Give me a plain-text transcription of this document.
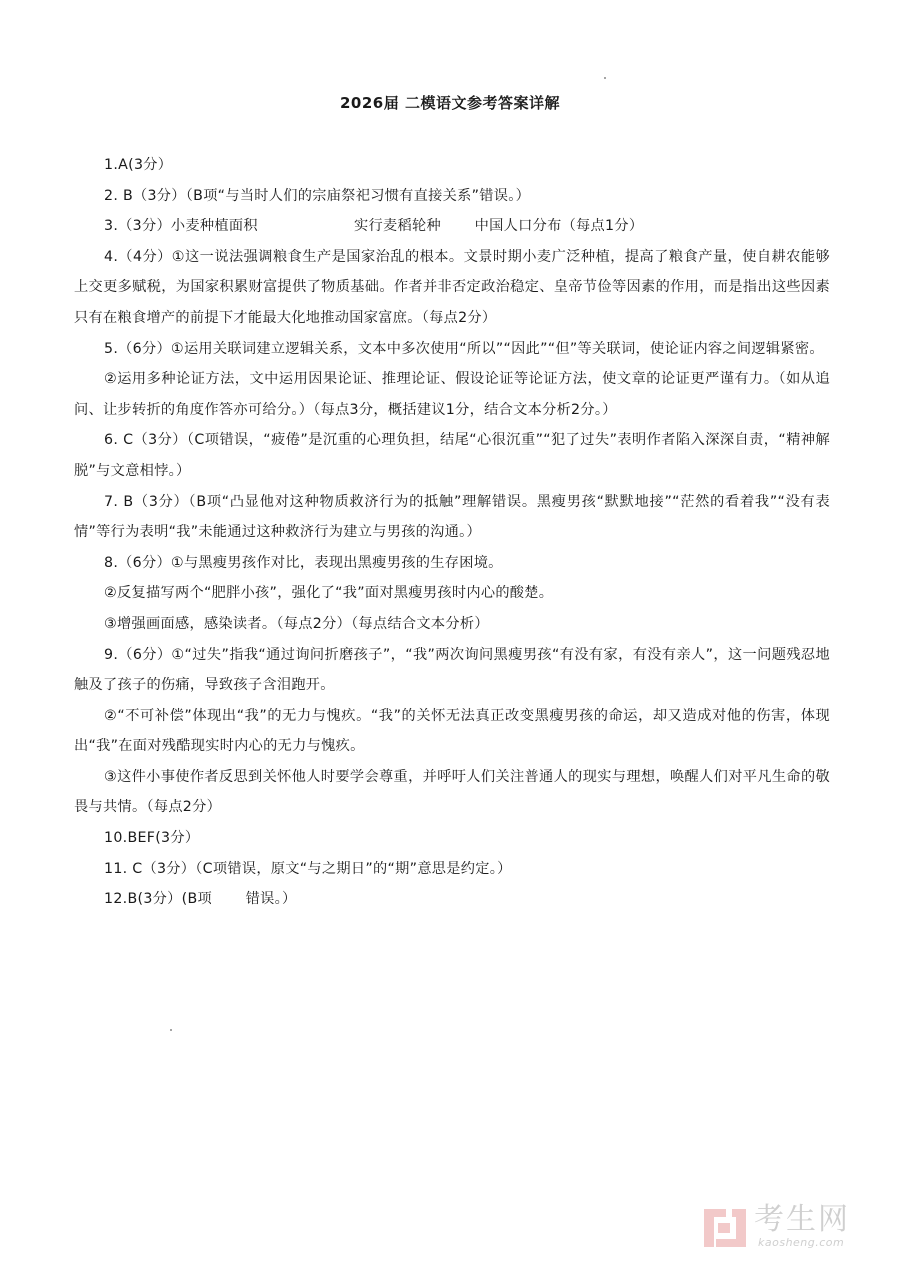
2026届 二模语文参考答案详解

1.A(3分）

2. B（3分）（B项“与当时人们的宗庙祭祀习惯有直接关系”错误。）

3.（3分）小麦种植面积                    实行麦稻轮种       中国人口分布（每点1分）

4.（4分）①这一说法强调粮食生产是国家治乱的根本。文景时期小麦广泛种植，提高了粮食产量，使自耕农能够上交更多赋税，为国家积累财富提供了物质基础。作者并非否定政治稳定、皇帝节俭等因素的作用，而是指出这些因素只有在粮食增产的前提下才能最大化地推动国家富庶。（每点2分）

5.（6分）①运用关联词建立逻辑关系，文本中多次使用“所以”“因此”“但”等关联词，使论证内容之间逻辑紧密。

②运用多种论证方法，文中运用因果论证、推理论证、假设论证等论证方法，使文章的论证更严谨有力。（如从追问、让步转折的角度作答亦可给分。）（每点3分，概括建议1分，结合文本分析2分。）

6. C（3分）（C项错误，“疲倦”是沉重的心理负担，结尾“心很沉重”“犯了过失”表明作者陷入深深自责，“精神解脱”与文意相悖。）

7. B（3分）（B项“凸显他对这种物质救济行为的抵触”理解错误。黑瘦男孩“默默地接”“茫然的看着我”“没有表情”等行为表明“我”未能通过这种救济行为建立与男孩的沟通。）

8.（6分）①与黑瘦男孩作对比，表现出黑瘦男孩的生存困境。

②反复描写两个“肥胖小孩”，强化了“我”面对黑瘦男孩时内心的酸楚。

③增强画面感，感染读者。（每点2分）（每点结合文本分析）

9.（6分）①“过失”指我“通过询问折磨孩子”，“我”两次询问黑瘦男孩“有没有家，有没有亲人”，这一问题残忍地触及了孩子的伤痛，导致孩子含泪跑开。

②“不可补偿”体现出“我”的无力与愧疚。“我”的关怀无法真正改变黑瘦男孩的命运，却又造成对他的伤害，体现出“我”在面对残酷现实时内心的无力与愧疚。

③这件小事使作者反思到关怀他人时要学会尊重，并呼吁人们关注普通人的现实与理想，唤醒人们对平凡生命的敬畏与共情。（每点2分）

10.BEF(3分）

11. C（3分）（C项错误，原文“与之期日”的“期”意思是约定。）

12.B(3分）(B项       错误。）

考生网
kaosheng.com
